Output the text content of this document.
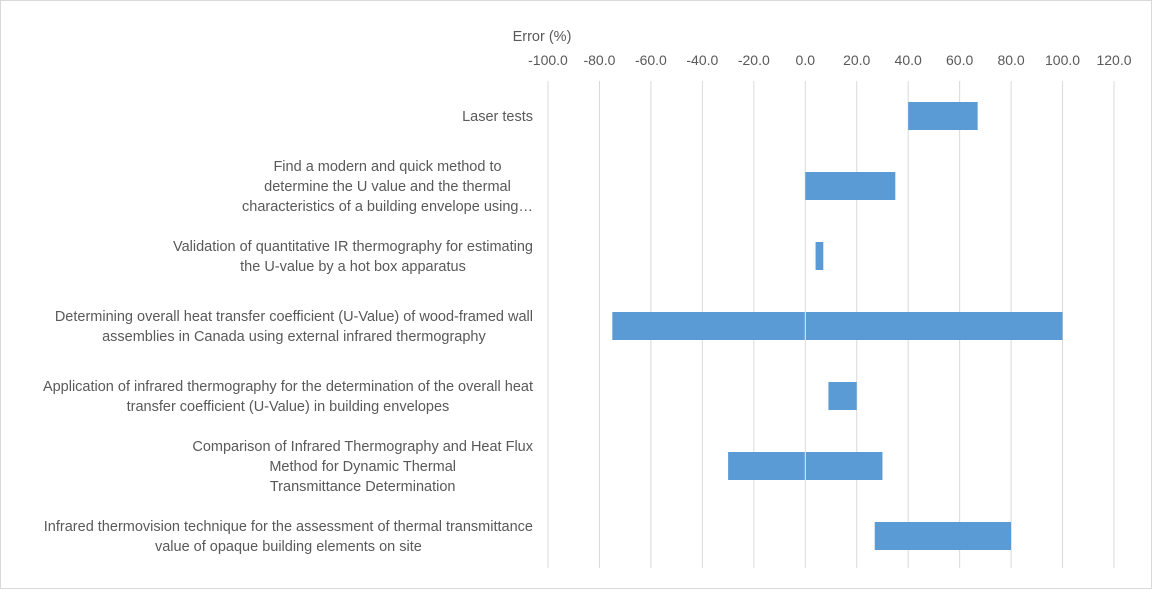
-100.0 -80.0 -60.0 -40.0 -20.0 0.0 20.0 40.0 60.0 80.0 100.0 120.0
Laser tests
Find a modern and quick method to determine the U value and the thermal characteristics of a building envelope using…
Validation of quantitative IR thermography for estimating the U-value by a hot box apparatus
Determining overall heat transfer coefficient (U-Value) of wood-framed wall assemblies in Canada using external infrared thermography
Application of infrared thermography for the determination of the overall heat transfer coefficient (U-Value) in building envelopes
Comparison of Infrared Thermography and Heat Flux Method for Dynamic Thermal Transmittance Determination
Infrared thermovision technique for the assessment of thermal transmittance value of opaque building elements on site
Error (%)
